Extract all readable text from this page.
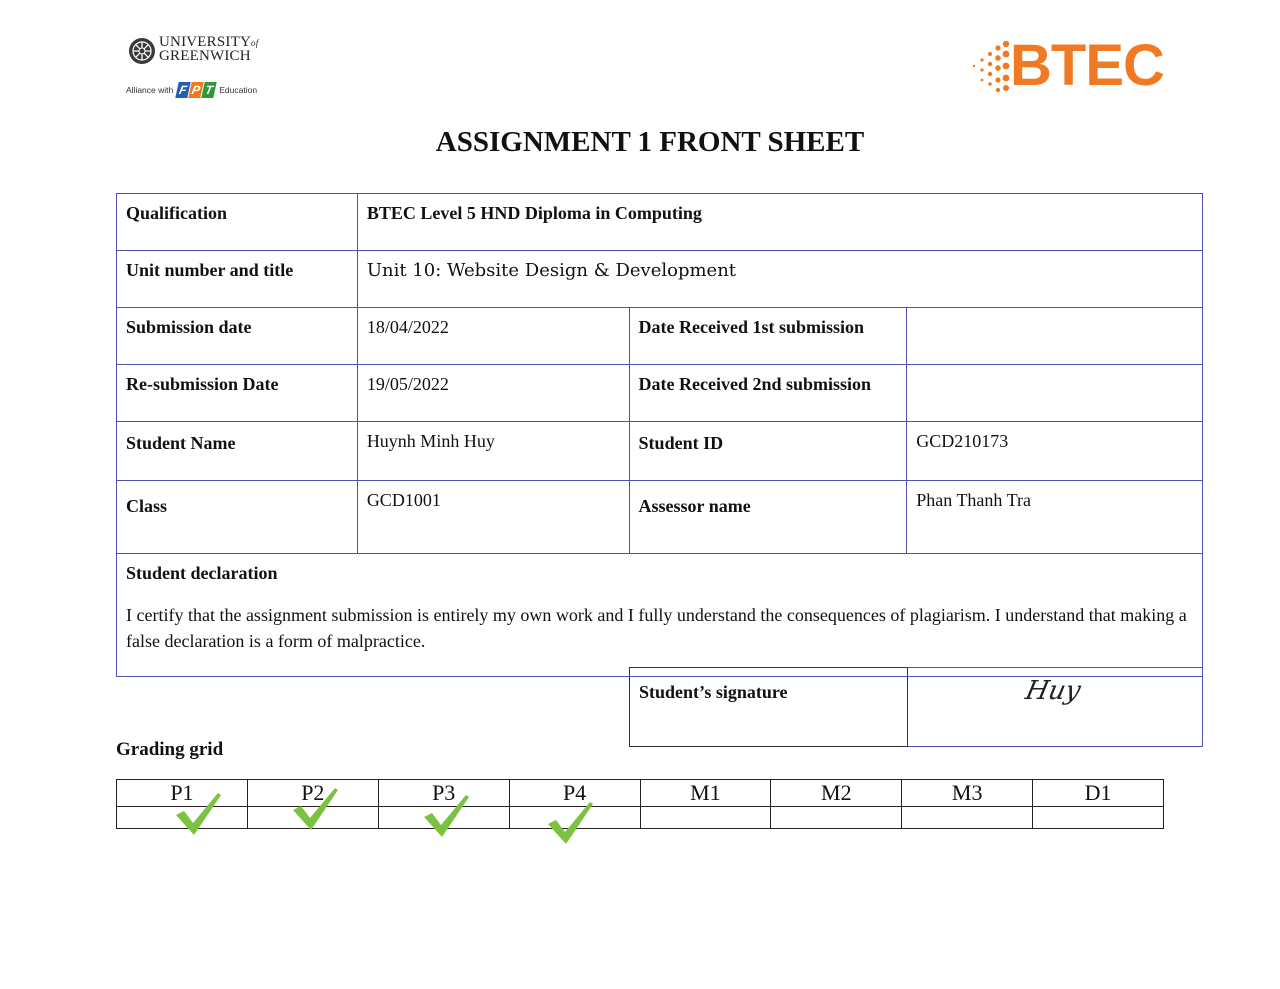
UNIVERSITYof
GREENWICH
Alliance with F P T Education	BTEC
ASSIGNMENT 1 FRONT SHEET
Qualification	BTEC Level 5 HND Diploma in Computing		
Unit number and title	Unit 10: Website Design & Development		
Submission date	18/04/2022	Date Received 1st submission	
Re-submission Date	19/05/2022	Date Received 2nd submission	
Student Name	Huynh Minh Huy	Student ID	GCD210173
Class	GCD1001	Assessor name	Phan Thanh Tra

Student declaration
I certify that the assignment submission is entirely my own work and I fully understand the consequences of plagiarism. I understand that making a false declaration is a form of malpractice.			
Student’s signature	Huy
Grading grid
P1	P2	P3	P4	M1	M2	M3	D1
